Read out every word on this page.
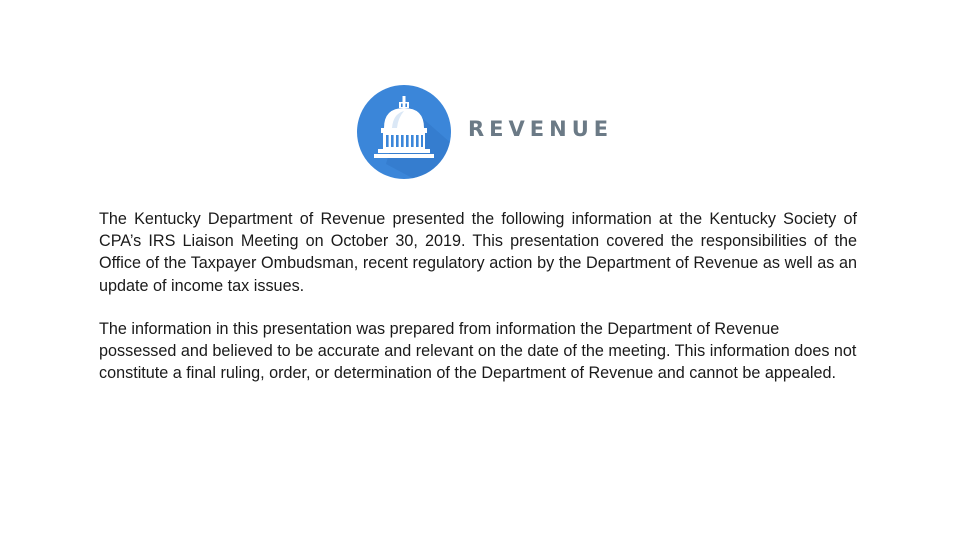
REVENUE

The Kentucky Department of Revenue presented the following information at the Kentucky Society of CPA’s IRS Liaison Meeting on October 30, 2019. This presentation covered the responsibilities of the Office of the Taxpayer Ombudsman, recent regulatory action by the Department of Revenue as well as an update of income tax issues.

The information in this presentation was prepared from information the Department of Revenue possessed and believed to be accurate and relevant on the date of the meeting. This information does not constitute a final ruling, order, or determination of the Department of Revenue and cannot be appealed.
